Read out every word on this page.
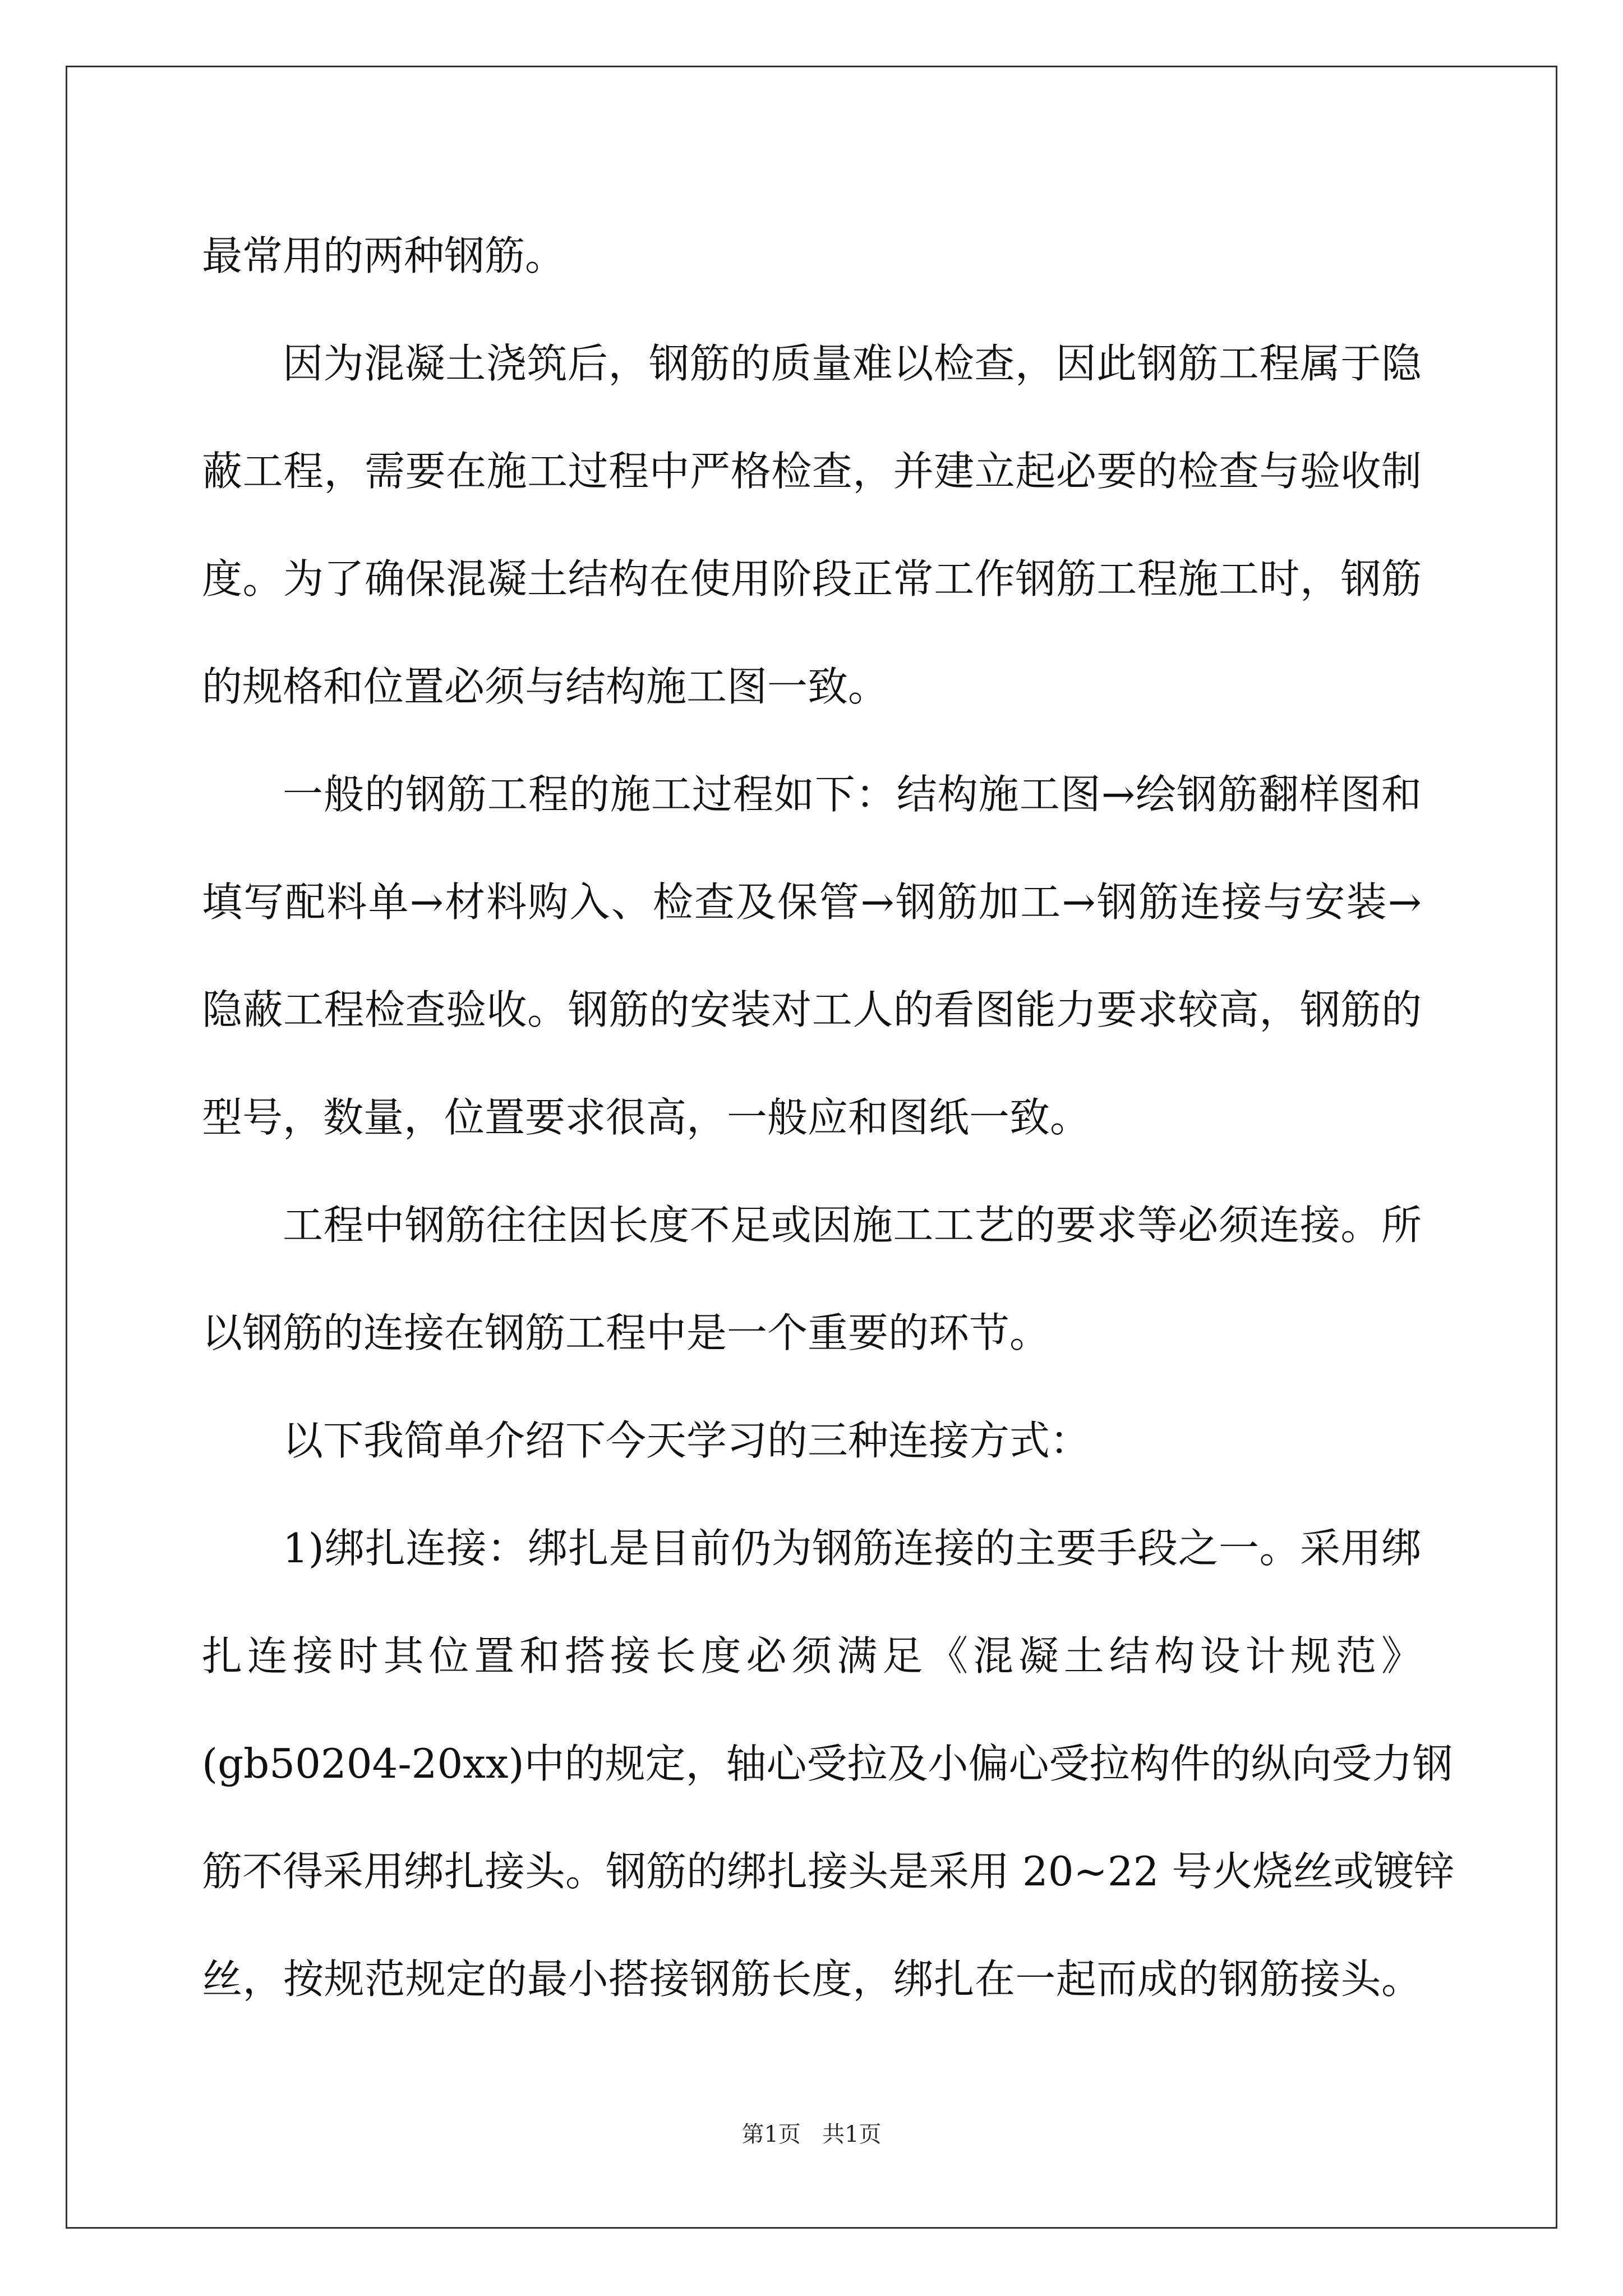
最常用的两种钢筋。
因为混凝土浇筑后，钢筋的质量难以检查，因此钢筋工程属于隐
蔽工程，需要在施工过程中严格检查，并建立起必要的检查与验收制
度。为了确保混凝土结构在使用阶段正常工作钢筋工程施工时，钢筋
的规格和位置必须与结构施工图一致。
一般的钢筋工程的施工过程如下：结构施工图→绘钢筋翻样图和
填写配料单→材料购入、检查及保管→钢筋加工→钢筋连接与安装→
隐蔽工程检查验收。钢筋的安装对工人的看图能力要求较高，钢筋的
型号，数量，位置要求很高，一般应和图纸一致。
工程中钢筋往往因长度不足或因施工工艺的要求等必须连接。所
以钢筋的连接在钢筋工程中是一个重要的环节。
以下我简单介绍下今天学习的三种连接方式：
1)绑扎连接：绑扎是目前仍为钢筋连接的主要手段之一。采用绑
扎连接时其位置和搭接长度必须满足《混凝土结构设计规范》
(gb50204-20xx)中的规定，轴心受拉及小偏心受拉构件的纵向受力钢
筋不得采用绑扎接头。钢筋的绑扎接头是采用 20~22 号火烧丝或镀锌
丝，按规范规定的最小搭接钢筋长度，绑扎在一起而成的钢筋接头。
第1页 共1页
